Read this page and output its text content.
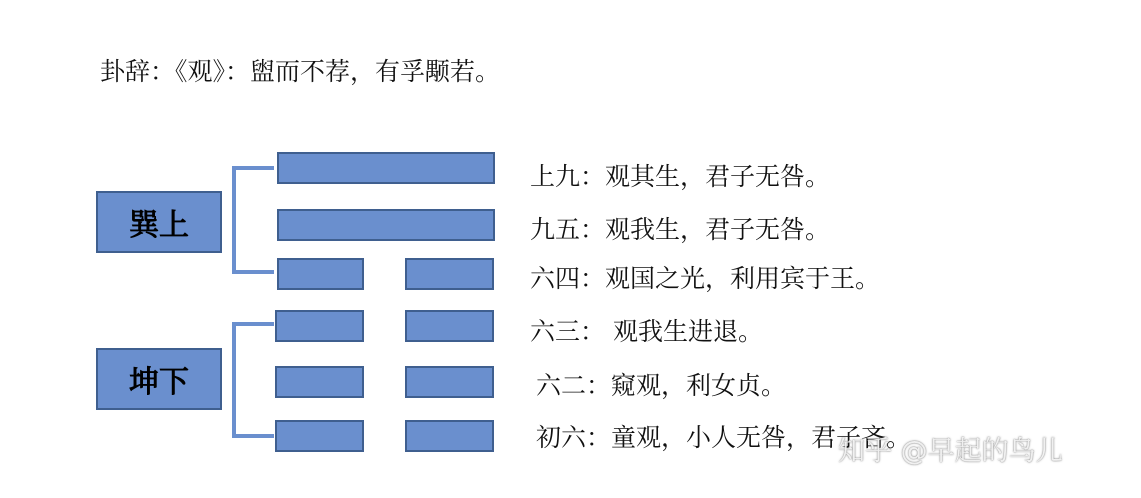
卦辞：《观》：盥而不荐，有孚颙若。
巽上
坤下
上九：观其生，君子无咎。
九五：观我生，君子无咎。
六四：观国之光，利用宾于王。
六三： 观我生进退。
六二：窥观，利女贞。
初六：童观，小人无咎，君子吝。
知乎 @早起的鸟儿
